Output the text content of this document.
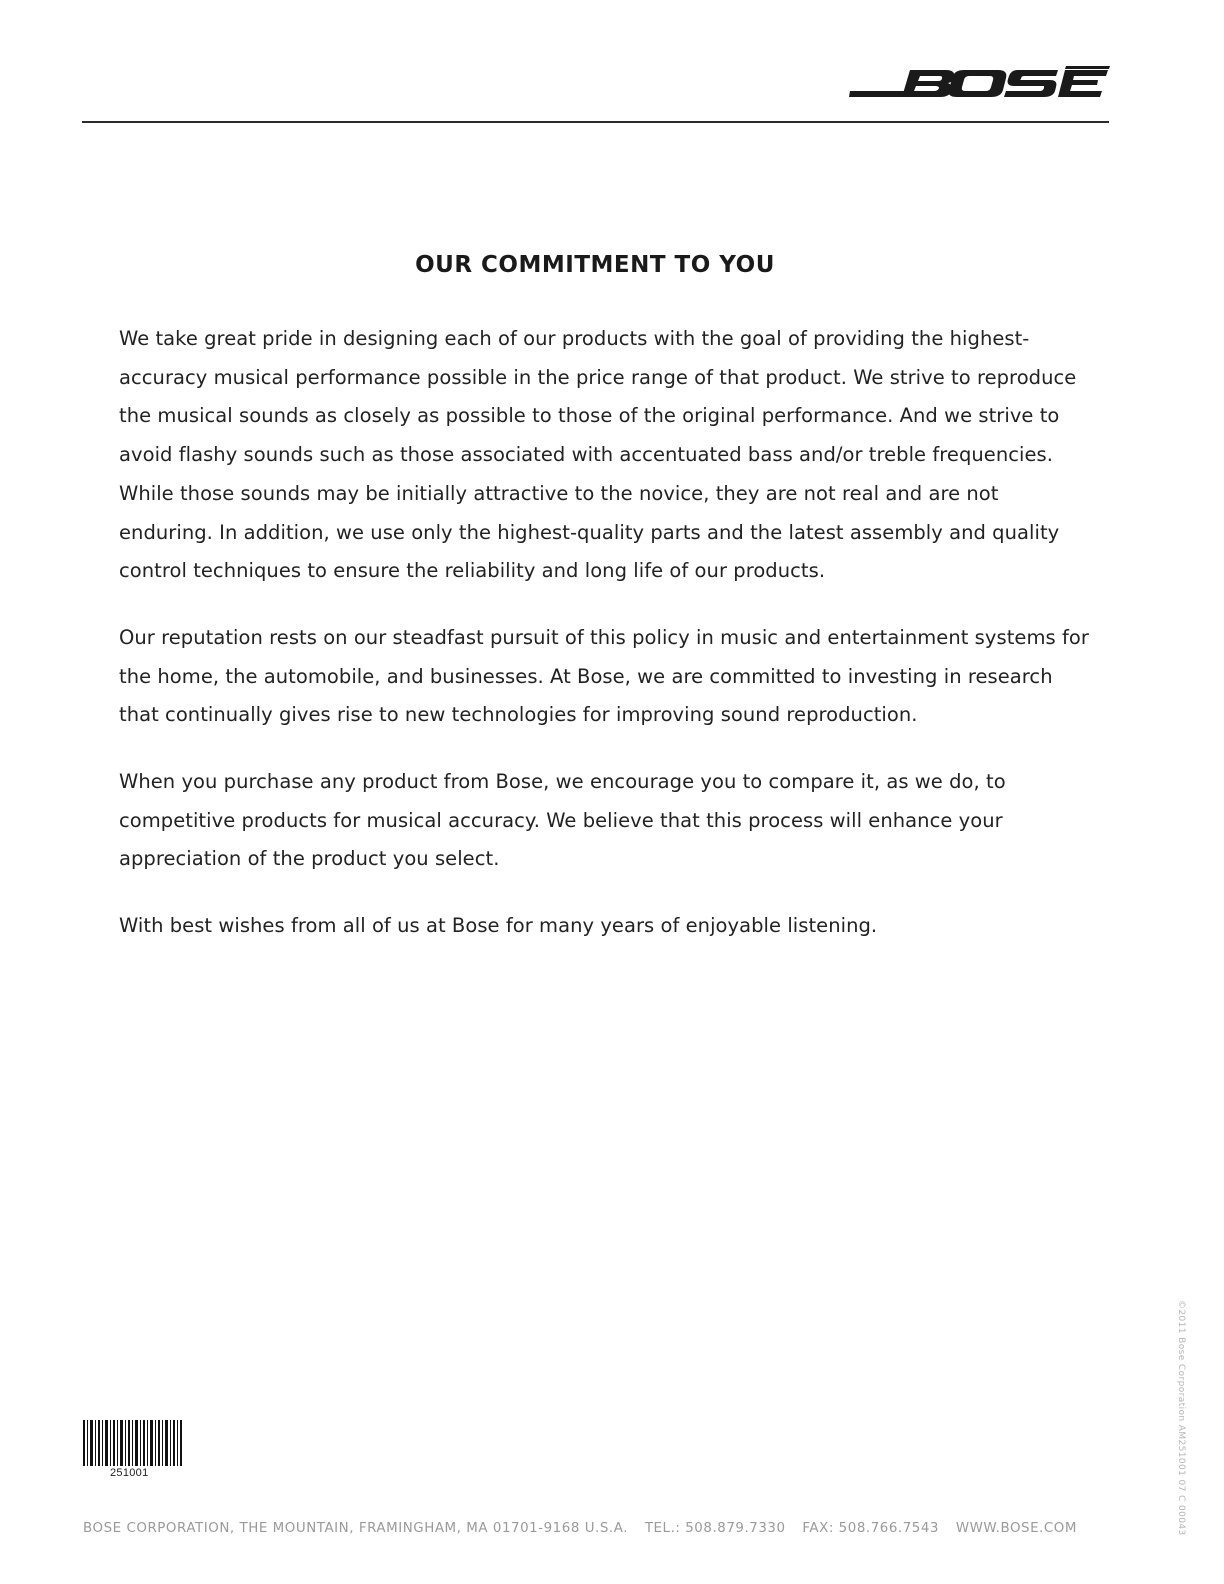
OUR COMMITMENT TO YOU

We take great pride in designing each of our products with the goal of providing the highest-accuracy musical performance possible in the price range of that product. We strive to reproduce the musical sounds as closely as possible to those of the original performance. And we strive to avoid flashy sounds such as those associated with accentuated bass and/or treble frequencies. While those sounds may be initially attractive to the novice, they are not real and are not enduring. In addition, we use only the highest-quality parts and the latest assembly and quality control techniques to ensure the reliability and long life of our products.

Our reputation rests on our steadfast pursuit of this policy in music and entertainment systems for the home, the automobile, and businesses. At Bose, we are committed to investing in research that continually gives rise to new technologies for improving sound reproduction.

When you purchase any product from Bose, we encourage you to compare it, as we do, to competitive products for musical accuracy. We believe that this process will enhance your appreciation of the product you select.

With best wishes from all of us at Bose for many years of enjoyable listening.

251001
BOSE CORPORATION, THE MOUNTAIN, FRAMINGHAM, MA 01701-9168 U.S.A. TEL.: 508.879.7330 FAX: 508.766.7543 WWW.BOSE.COM	©2011 Bose Corporation AM251001 07 C 00043
